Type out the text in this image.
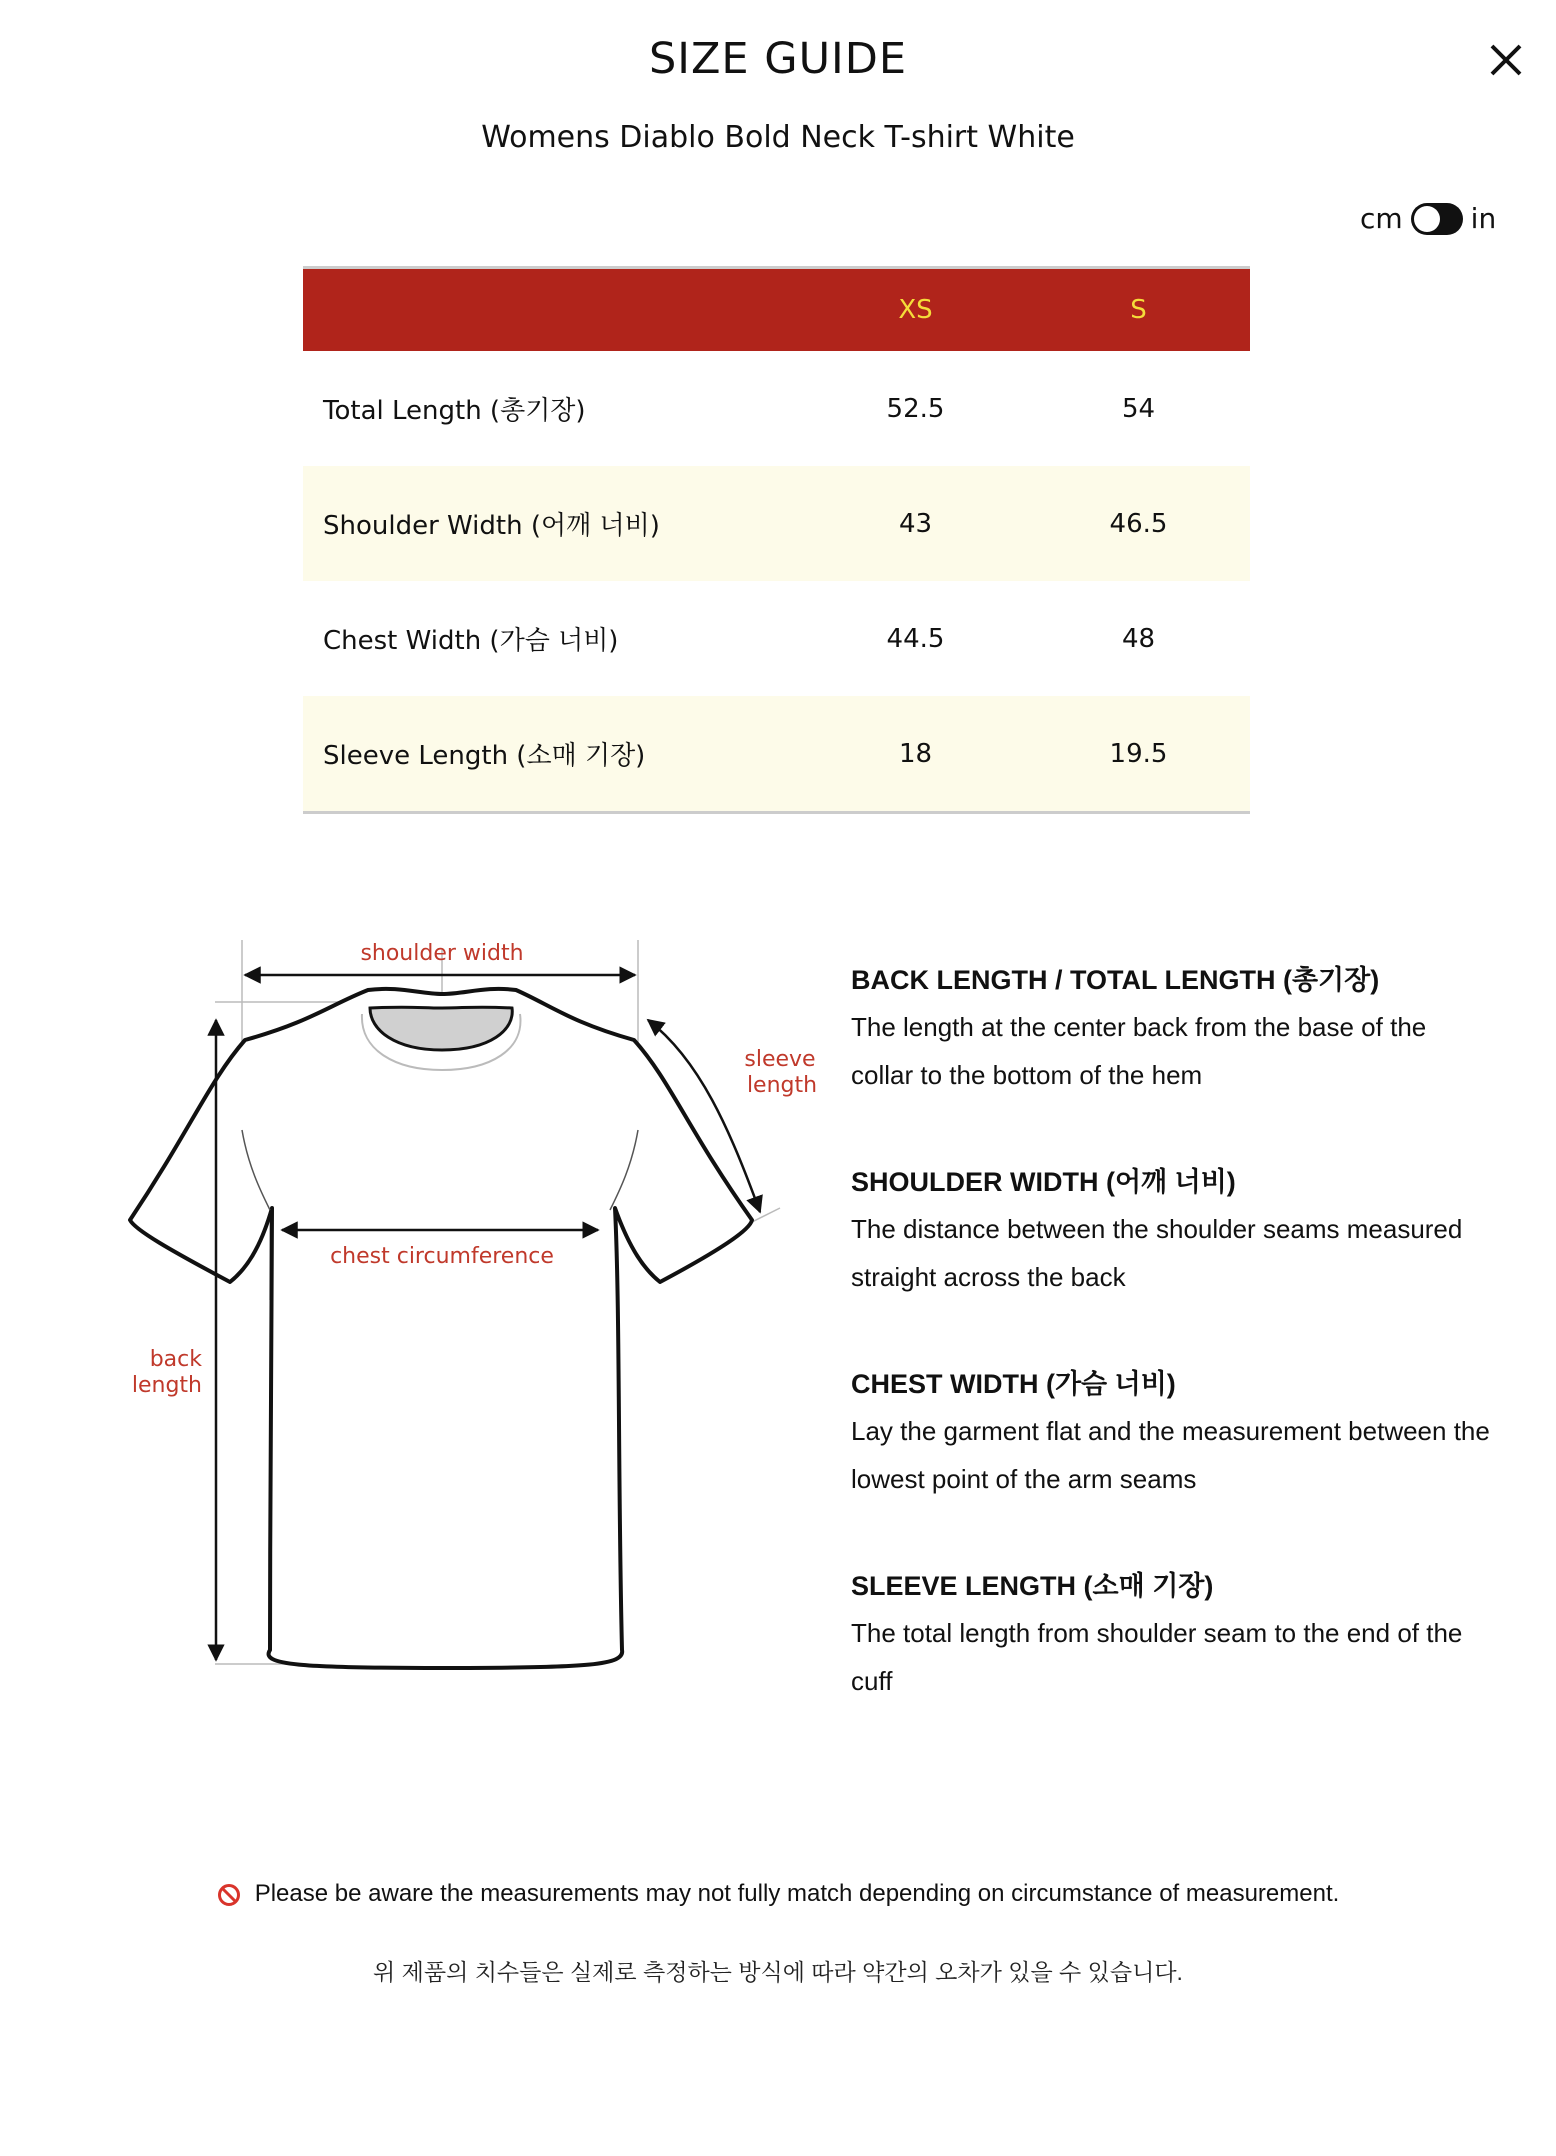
SIZE GUIDE
Womens Diablo Bold Neck T-shirt White
cm in
	XS	S
Total Length (총기장)	52.5	54
Shoulder Width (어깨 너비)	43	46.5
Chest Width (가슴 너비)	44.5	48
Sleeve Length (소매 기장)	18	19.5
shoulder width
chest circumference
sleeve
length
back
length
BACK LENGTH / TOTAL LENGTH (총기장)

The length at the center back from the base of the
collar to the bottom of the hem

SHOULDER WIDTH (어깨 너비)

The distance between the shoulder seams measured
straight across the back

CHEST WIDTH (가슴 너비)

Lay the garment flat and the measurement between the
lowest point of the arm seams

SLEEVE LENGTH (소매 기장)

The total length from shoulder seam to the end of the
cuff

Please be aware the measurements may not fully match depending on circumstance of measurement.
위 제품의 치수들은 실제로 측정하는 방식에 따라 약간의 오차가 있을 수 있습니다.
